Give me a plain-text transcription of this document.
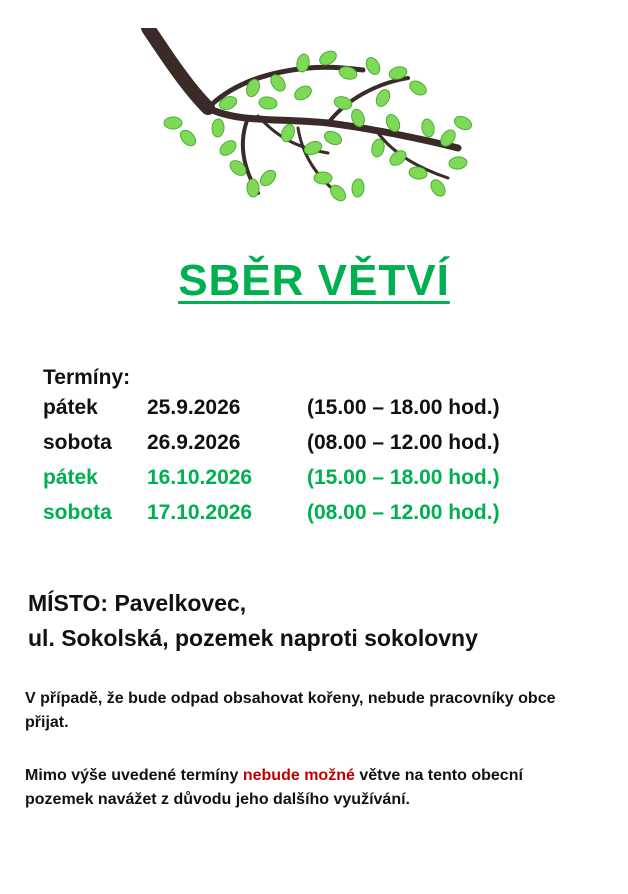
SBĚR VĚTVÍ
Termíny:
pátek 25.9.2026	(15.00 – 18.00 hod.)
sobota 26.9.2026	(08.00 – 12.00 hod.)
pátek 16.10.2026	(15.00 – 18.00 hod.)
sobota 17.10.2026	(08.00 – 12.00 hod.)
MÍSTO: Pavelkovec,
ul. Sokolská, pozemek naproti sokolovny
V případě, že bude odpad obsahovat kořeny, nebude pracovníky obce přijat.
Mimo výše uvedené termíny nebude možné větve na tento obecní pozemek navážet z důvodu jeho dalšího využívání.
